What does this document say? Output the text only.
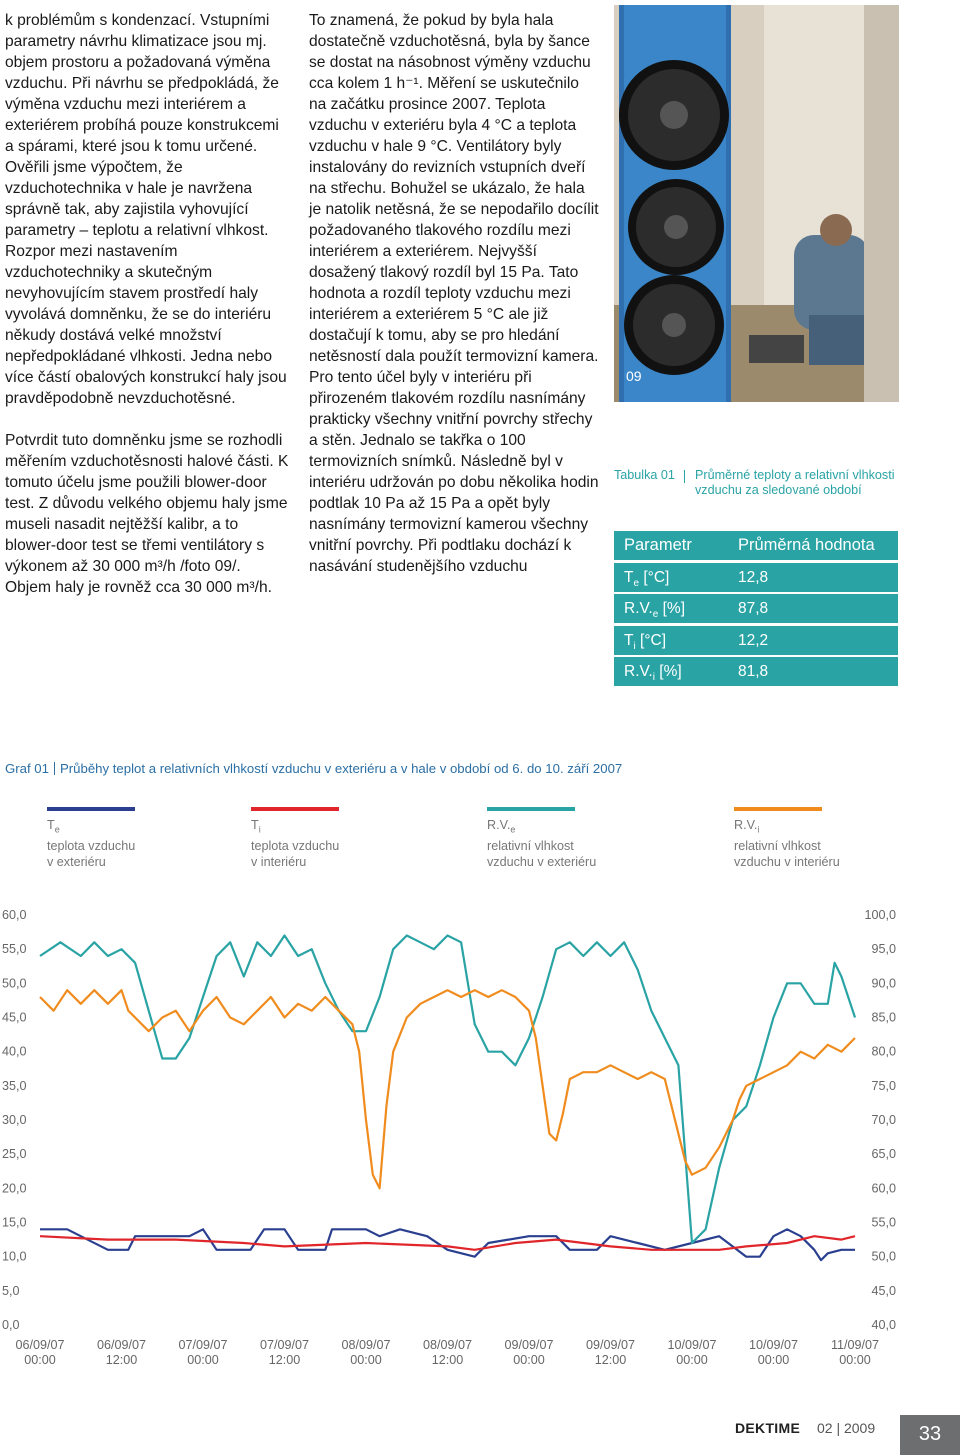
k problémům s kondenzací. Vstupními parametry návrhu klimatizace jsou mj. objem prostoru a požadovaná výměna vzduchu. Při návrhu se předpokládá, že výměna vzduchu mezi interiérem a exteriérem probíhá pouze konstrukcemi a spárami, které jsou k tomu určené. Ověřili jsme výpočtem, že vzduchotechnika v hale je navržena správně tak, aby zajistila vyhovující parametry – teplotu a relativní vlhkost. Rozpor mezi nastavením vzduchotechniky a skutečným nevyhovujícím stavem prostředí haly vyvolává domněnku, že se do interiéru někudy dostává velké množství nepředpokládané vlhkosti. Jedna nebo více částí obalových konstrukcí haly jsou pravděpodobně nevzduchotěsné.

Potvrdit tuto domněnku jsme se rozhodli měřením vzduchotěsnosti halové části. K tomuto účelu jsme použili blower-door test. Z důvodu velkého objemu haly jsme museli nasadit nejtěžší kalibr, a to blower-door test se třemi ventilátory s výkonem až 30 000 m³/h /foto 09/. Objem haly je rovněž cca 30 000 m³/h.

To znamená, že pokud by byla hala dostatečně vzduchotěsná, byla by šance se dostat na násobnost výměny vzduchu cca kolem 1 h⁻¹. Měření se uskutečnilo na začátku prosince 2007. Teplota vzduchu v exteriéru byla 4 °C a teplota vzduchu v hale 9 °C. Ventilátory byly instalovány do revizních vstupních dveří na střechu. Bohužel se ukázalo, že hala je natolik netěsná, že se nepodařilo docílit požadovaného tlakového rozdílu mezi interiérem a exteriérem. Nejvyšší dosažený tlakový rozdíl byl 15 Pa. Tato hodnota a rozdíl teploty vzduchu mezi interiérem a exteriérem 5 °C ale již dostačují k tomu, aby se pro hledání netěsností dala použít termovizní kamera. Pro tento účel byly v interiéru při přirozeném tlakovém rozdílu nasnímány prakticky všechny vnitřní povrchy střechy a stěn. Jednalo se takřka o 100 termovizních snímků. Následně byl v interiéru udržován po dobu několika hodin podtlak 10 Pa až 15 Pa a opět byly nasnímány termovizní kamerou všechny vnitřní povrchy. Při podtlaku dochází k nasávání studenějšího vzduchu

09
Tabulka 01 Průměrné teploty a relativní vlhkosti vzduchu za sledované období
Parametr	Průměrná hodnota
$T_e$ [°C]	12,8
$R.V._e$ [%]	87,8
$T_i$ [°C]	12,2
$R.V._i$ [%]	81,8
Graf 01 Průběhy teplot a relativních vlhkostí vzduchu v exteriéru a v hale v období od 6. do 10. září 2007
$T_e$
teplota vzduchu
v exteriéru
$T_i$
teplota vzduchu
v interiéru
$R.V._e$
relativní vlhkost
vzduchu v exteriéru
$R.V._i$
relativní vlhkost
vzduchu v interiéru
60,0
55,0
50,0
45,0
40,0
35,0
30,0
25,0
20,0
15,0
10,0
5,0
0,0
100,0
95,0
90,0
85,0
80,0
75,0
70,0
65,0
60,0
55,0
50,0
45,0
40,0
06/09/07 00:00
06/09/07 12:00
07/09/07 00:00
07/09/07 12:00
08/09/07 00:00
08/09/07 12:00
09/09/07 00:00
09/09/07 12:00
10/09/07 00:00
10/09/07 00:00
11/09/07 00:00
DEKTIME 02 | 2009	33
